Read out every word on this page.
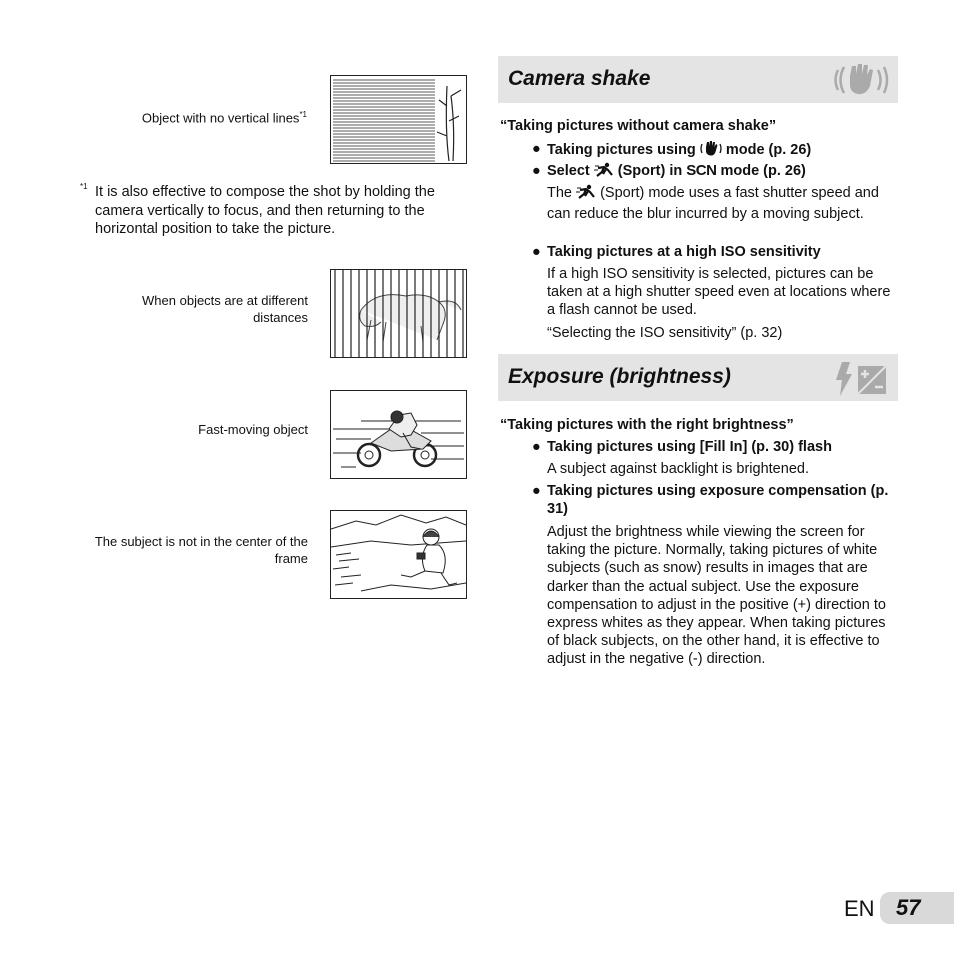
Object with no vertical lines$^{*1}$
*1 It is also effective to compose the shot by holding the camera vertically to focus, and then returning to the horizontal position to take the picture.
When objects are at different distances
Fast-moving object
The subject is not in the center of the frame
Camera shake
“Taking pictures without camera shake”
● Taking pictures using mode (p. 26)
● Select (Sport) in SCN mode (p. 26)
The (Sport) mode uses a fast shutter speed and can reduce the blur incurred by a moving subject.
● Taking pictures at a high ISO sensitivity
If a high ISO sensitivity is selected, pictures can be taken at a high shutter speed even at locations where a flash cannot be used.
“Selecting the ISO sensitivity” (p. 32)
Exposure (brightness)
“Taking pictures with the right brightness”
● Taking pictures using [Fill In] (p. 30) flash
A subject against backlight is brightened.
● Taking pictures using exposure compensation (p. 31)
Adjust the brightness while viewing the screen for taking the picture. Normally, taking pictures of white subjects (such as snow) results in images that are darker than the actual subject. Use the exposure compensation to adjust in the positive (+) direction to express whites as they appear. When taking pictures of black subjects, on the other hand, it is effective to adjust in the negative (-) direction.
EN 57
